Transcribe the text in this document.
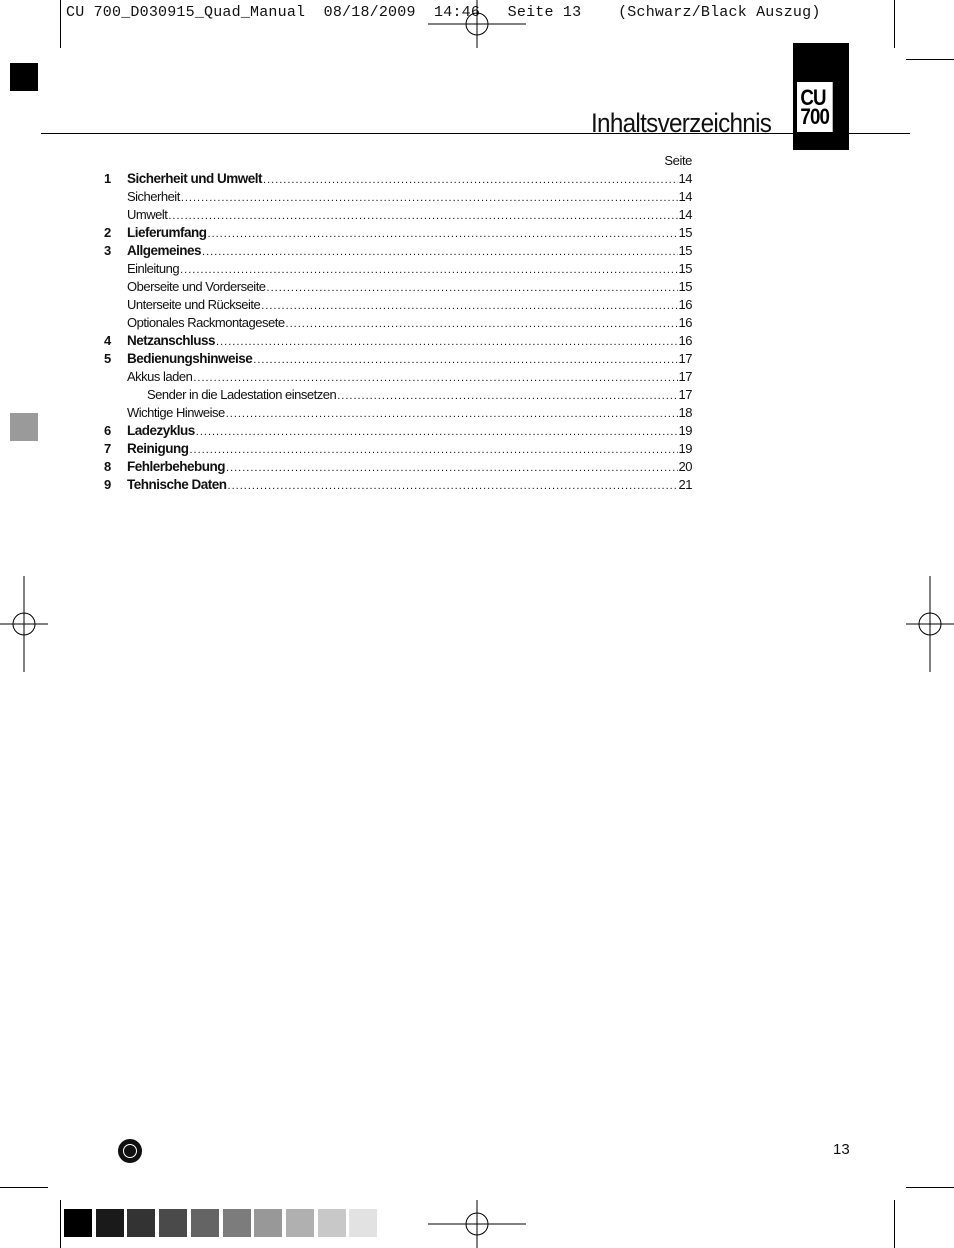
CU 700_D030915_Quad_Manual  08/18/2009  14:46   Seite 13    (Schwarz/Black Auszug)
Inhaltsverzeichnis
CU
700
Seite
1	Sicherheit und Umwelt .....	14
Sicherheit .....	14
Umwelt .....	14
2	Lieferumfang .....	15
3	Allgemeines .....	15
Einleitung .....	15
Oberseite und Vorderseite .....	15
Unterseite und Rückseite .....	16
Optionales Rackmontagesete .....	16
4	Netzanschluss .....	16
5	Bedienungshinweise .....	17
Akkus laden .....	17
Sender in die Ladestation einsetzen .....	17
Wichtige Hinweise .....	18
6	Ladezyklus .....	19
7	Reinigung .....	19
8	Fehlerbehebung .....	20
9	Tehnische Daten .....	21
13
